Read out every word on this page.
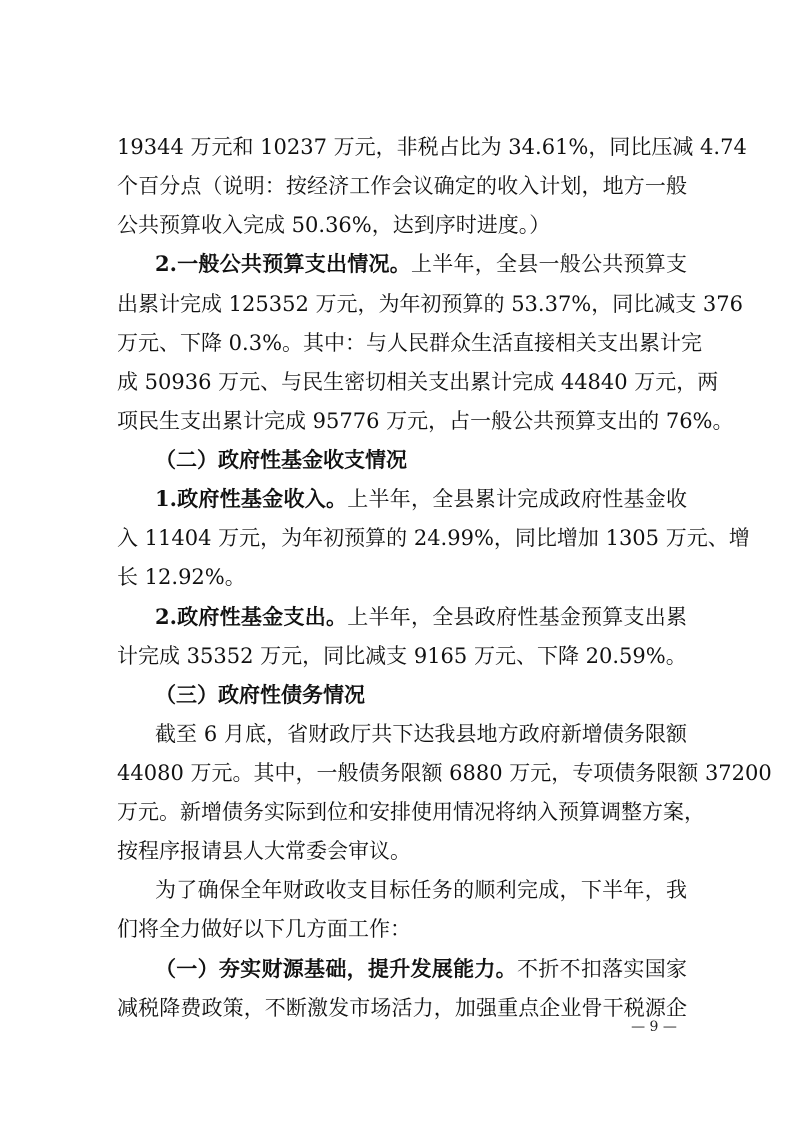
19344 万元和 10237 万元，非税占比为 34.61%，同比压减 4.74
个百分点（说明：按经济工作会议确定的收入计划，地方一般
公共预算收入完成 50.36%，达到序时进度。）
2.一般公共预算支出情况。上半年，全县一般公共预算支
出累计完成 125352 万元，为年初预算的 53.37%，同比减支 376
万元、下降 0.3%。其中：与人民群众生活直接相关支出累计完
成 50936 万元、与民生密切相关支出累计完成 44840 万元，两
项民生支出累计完成 95776 万元，占一般公共预算支出的 76%。
（二）政府性基金收支情况
1.政府性基金收入。上半年，全县累计完成政府性基金收
入 11404 万元，为年初预算的 24.99%，同比增加 1305 万元、增
长 12.92%。
2.政府性基金支出。上半年，全县政府性基金预算支出累
计完成 35352 万元，同比减支 9165 万元、下降 20.59%。
（三）政府性债务情况
截至 6 月底，省财政厅共下达我县地方政府新增债务限额
44080 万元。其中，一般债务限额 6880 万元，专项债务限额 37200
万元。新增债务实际到位和安排使用情况将纳入预算调整方案，
按程序报请县人大常委会审议。
为了确保全年财政收支目标任务的顺利完成，下半年，我
们将全力做好以下几方面工作：
（一）夯实财源基础，提升发展能力。不折不扣落实国家
减税降费政策，不断激发市场活力，加强重点企业骨干税源企
— 9 —
